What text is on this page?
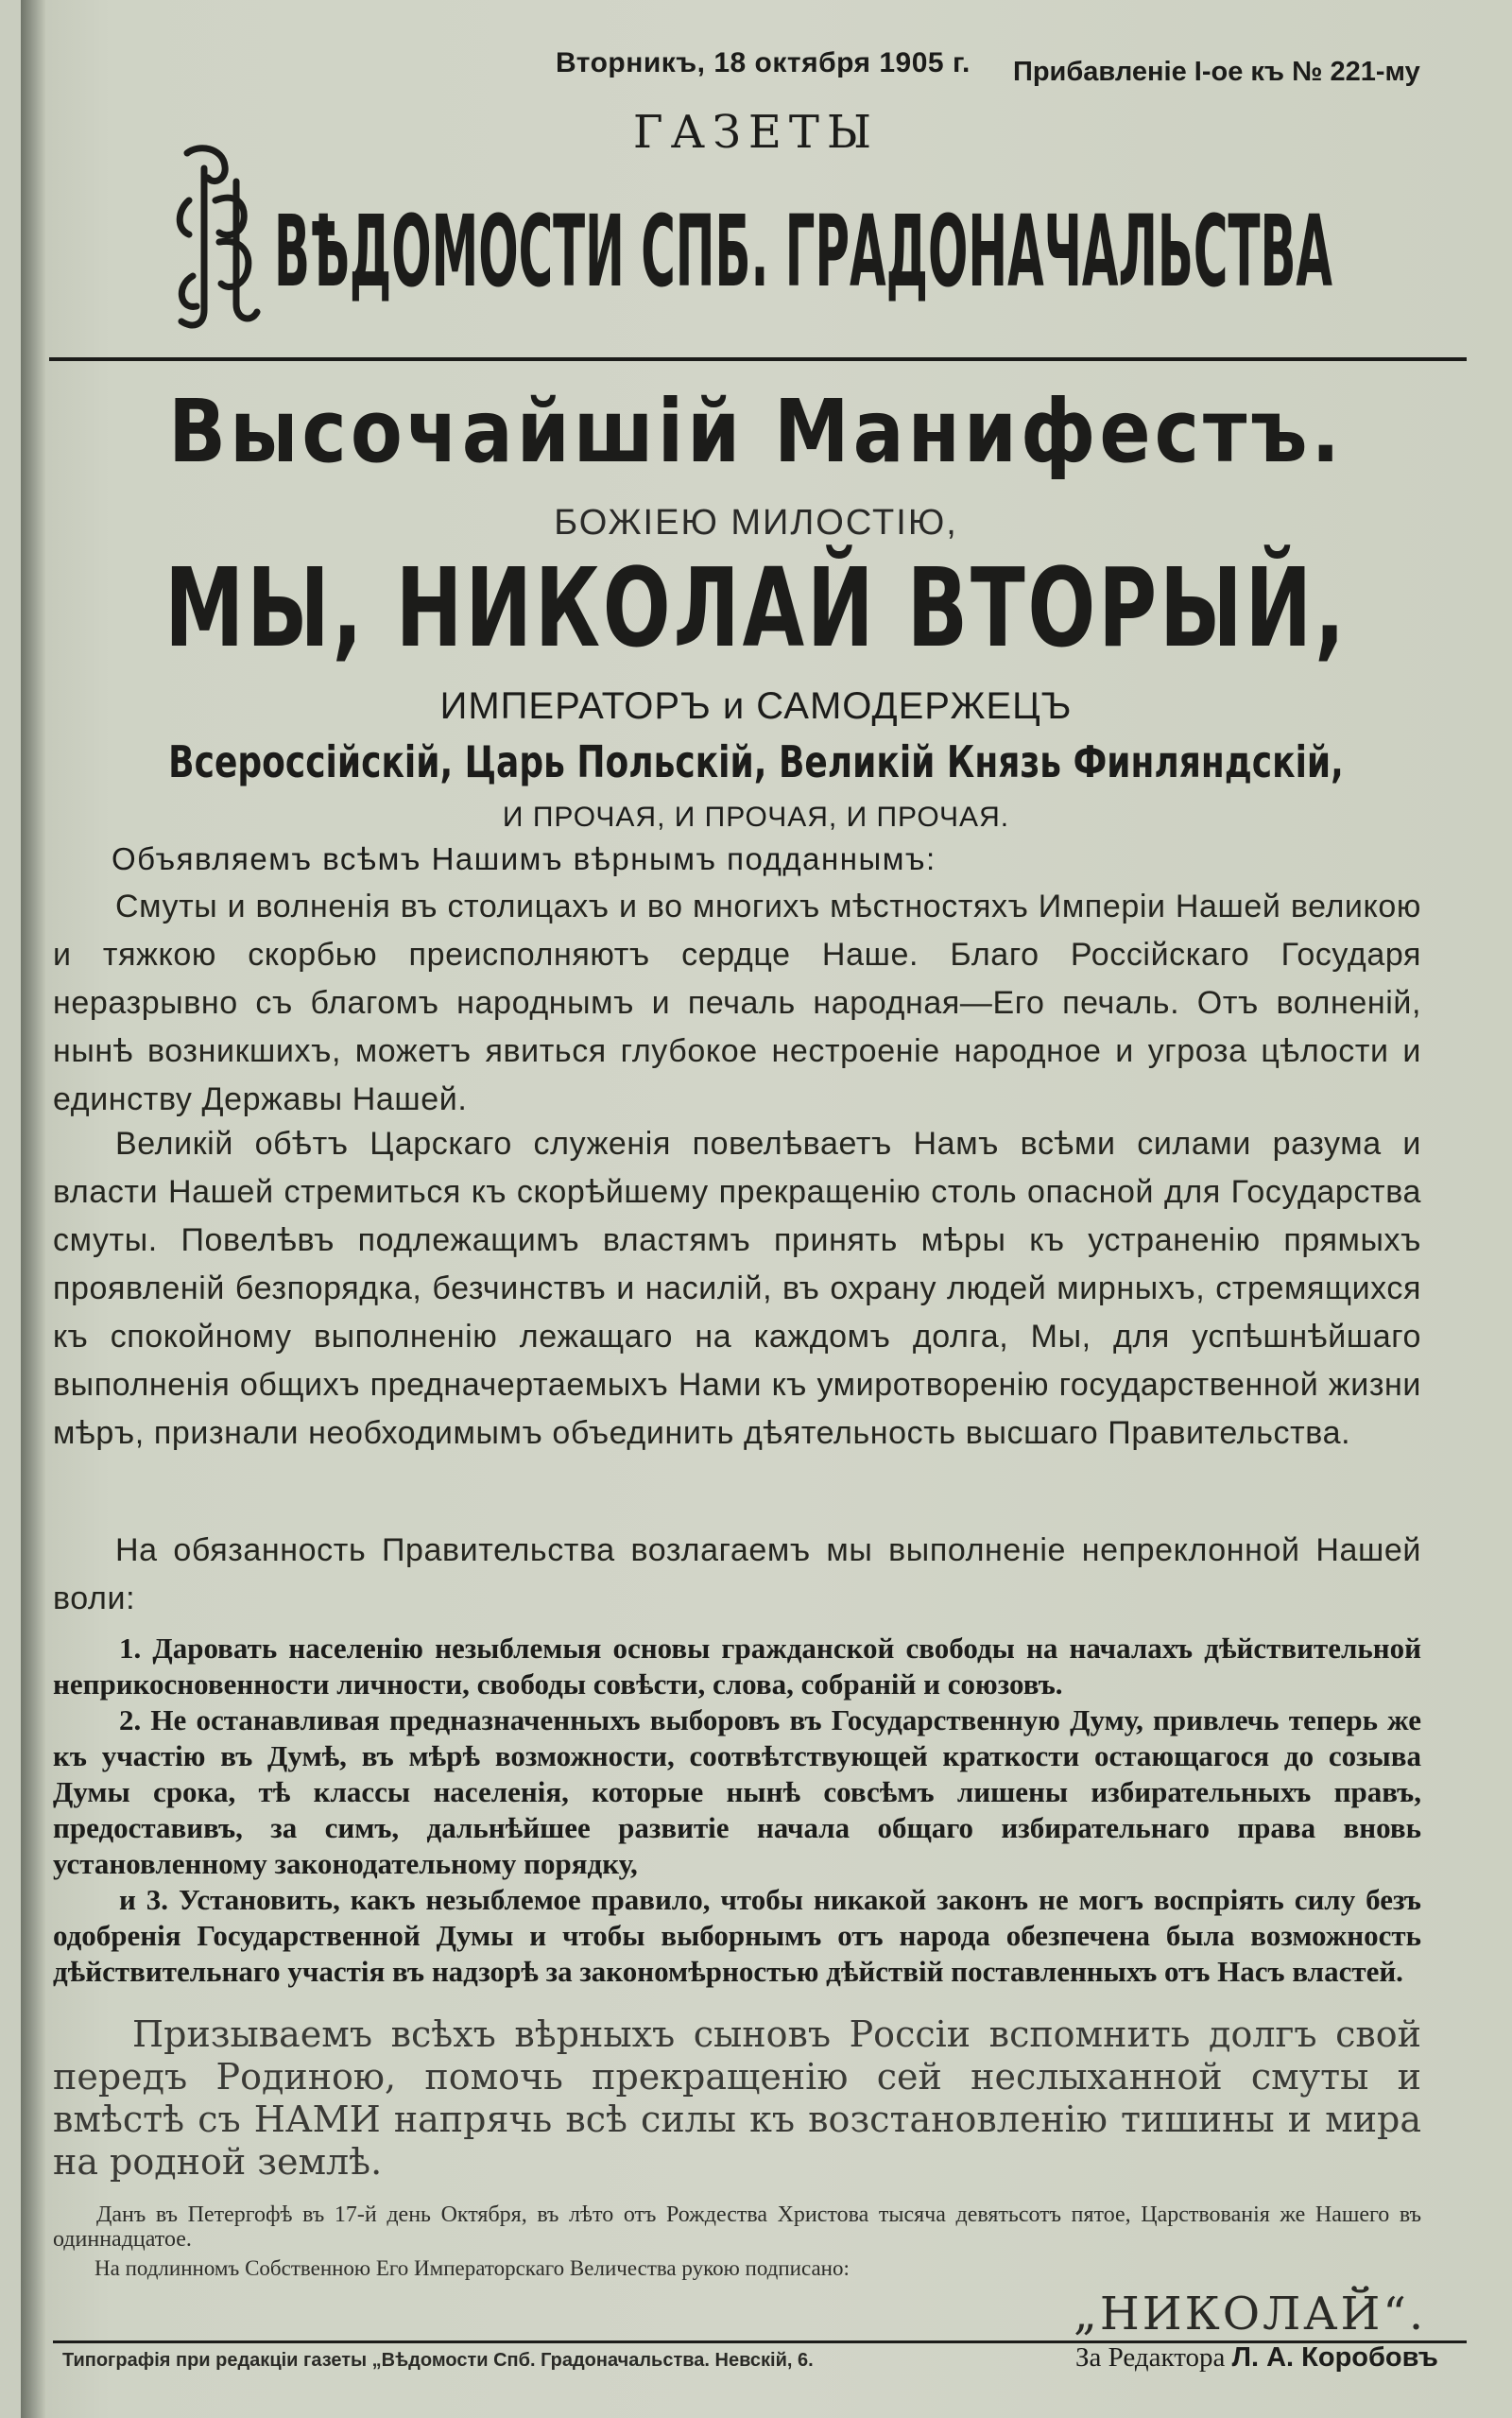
Вторникъ, 18 октября 1905 г. Прибавленіе І-ое къ № 221-му
ГАЗЕТЫ
ВѢДОМОСТИ СПБ. ГРАДОНАЧАЛЬСТВА
Высочайшій Манифестъ.
БОЖІЕЮ МИЛОСТІЮ,
МЫ, НИКОЛАЙ ВТОРЫЙ,
ИМПЕРАТОРЪ и САМОДЕРЖЕЦЪ
Всероссійскій, Царь Польскій, Великій Князь Финляндскій,
И ПРОЧАЯ, И ПРОЧАЯ, И ПРОЧАЯ.
Объявляемъ всѣмъ Нашимъ вѣрнымъ подданнымъ:
Смуты и волненія въ столицахъ и во многихъ мѣстностяхъ Имперіи Нашей великою и тяжкою скорбью преисполняютъ сердце Наше. Благо Россійскаго Государя неразрывно съ благомъ народнымъ и печаль народная—Его печаль. Отъ волненій, нынѣ возникшихъ, можетъ явиться глубокое нестроеніе народное и угроза цѣлости и единству Державы Нашей.
Великій обѣтъ Царскаго служенія повелѣваетъ Намъ всѣми силами разума и власти Нашей стремиться къ скорѣйшему прекращенію столь опасной для Государства смуты. Повелѣвъ подлежащимъ властямъ принять мѣры къ устраненію прямыхъ проявленій безпорядка, безчинствъ и насилій, въ охрану людей мирныхъ, стремящихся къ спокойному выполненію лежащаго на каждомъ долга, Мы, для успѣшнѣйшаго выполненія общихъ предначертаемыхъ Нами къ умиротворенію государственной жизни мѣръ, признали необходимымъ объединить дѣятельность высшаго Правительства.
На обязанность Правительства возлагаемъ мы выполненіе непреклонной Нашей воли:

1. Даровать населенію незыблемыя основы гражданской свободы на началахъ дѣйствительной неприкосновенности личности, свободы совѣсти, слова, собраній и союзовъ.

2. Не останавливая предназначенныхъ выборовъ въ Государственную Думу, привлечь теперь же къ участію въ Думѣ, въ мѣрѣ возможности, соотвѣтствующей краткости остающагося до созыва Думы срока, тѣ классы населенія, которые нынѣ совсѣмъ лишены избирательныхъ правъ, предоставивъ, за симъ, дальнѣйшее развитіе начала общаго избирательнаго права вновь установленному законодательному порядку,

и 3. Установить, какъ незыблемое правило, чтобы никакой законъ не могъ воспріять силу безъ одобренія Государственной Думы и чтобы выборнымъ отъ народа обезпечена была возможность дѣйствительнаго участія въ надзорѣ за закономѣрностью дѣйствій поставленныхъ отъ Насъ властей.

Призываемъ всѣхъ вѣрныхъ сыновъ Россіи вспомнить долгъ свой передъ Родиною, помочь прекращенію сей неслыханной смуты и вмѣстѣ съ НАМИ напрячь всѣ силы къ возстановленію тишины и мира на родной землѣ.
Данъ въ Петергофѣ въ 17-й день Октября, въ лѣто отъ Рождества Христова тысяча девятьсотъ пятое, Царствованія же Нашего въ одиннадцатое.
На подлинномъ Собственною Его Императорскаго Величества рукою подписано:
„НИКОЛАЙ“.
Типографія при редакціи газеты „Вѣдомости Спб. Градоначальства. Невскій, 6.	За Редактора Л. А. Коробовъ
